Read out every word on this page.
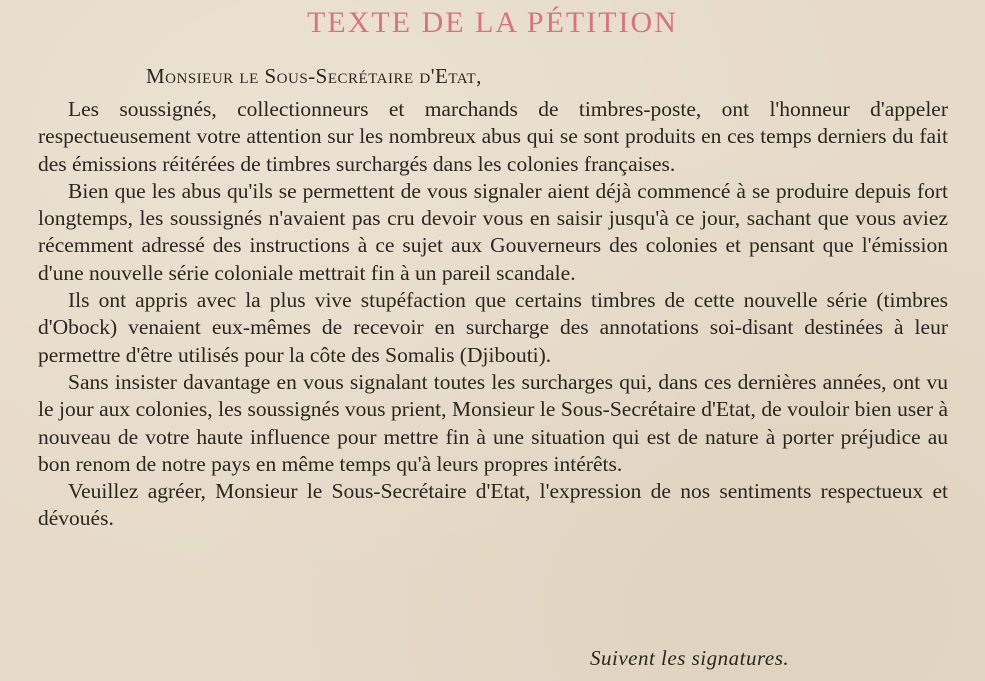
TEXTE DE LA PÉTITION
Monsieur le Sous-Secrétaire d'Etat,

Les soussignés, collectionneurs et marchands de timbres-poste, ont l'honneur d'appeler respectueusement votre attention sur les nombreux abus qui se sont produits en ces temps derniers du fait des émissions réitérées de timbres surchargés dans les colonies françaises.

Bien que les abus qu'ils se permettent de vous signaler aient déjà commencé à se produire depuis fort longtemps, les soussignés n'avaient pas cru devoir vous en saisir jusqu'à ce jour, sachant que vous aviez récemment adressé des instructions à ce sujet aux Gouverneurs des colonies et pensant que l'émission d'une nouvelle série coloniale mettrait fin à un pareil scandale.

Ils ont appris avec la plus vive stupéfaction que certains timbres de cette nouvelle série (timbres d'Obock) venaient eux-mêmes de recevoir en surcharge des annotations soi-disant destinées à leur permettre d'être utilisés pour la côte des Somalis (Djibouti).

Sans insister davantage en vous signalant toutes les surcharges qui, dans ces dernières années, ont vu le jour aux colonies, les soussignés vous prient, Monsieur le Sous-Secrétaire d'Etat, de vouloir bien user à nouveau de votre haute influence pour mettre fin à une situation qui est de nature à porter préjudice au bon renom de notre pays en même temps qu'à leurs propres intérêts.

Veuillez agréer, Monsieur le Sous-Secrétaire d'Etat, l'expression de nos sentiments respectueux et dévoués.

Suivent les signatures.
